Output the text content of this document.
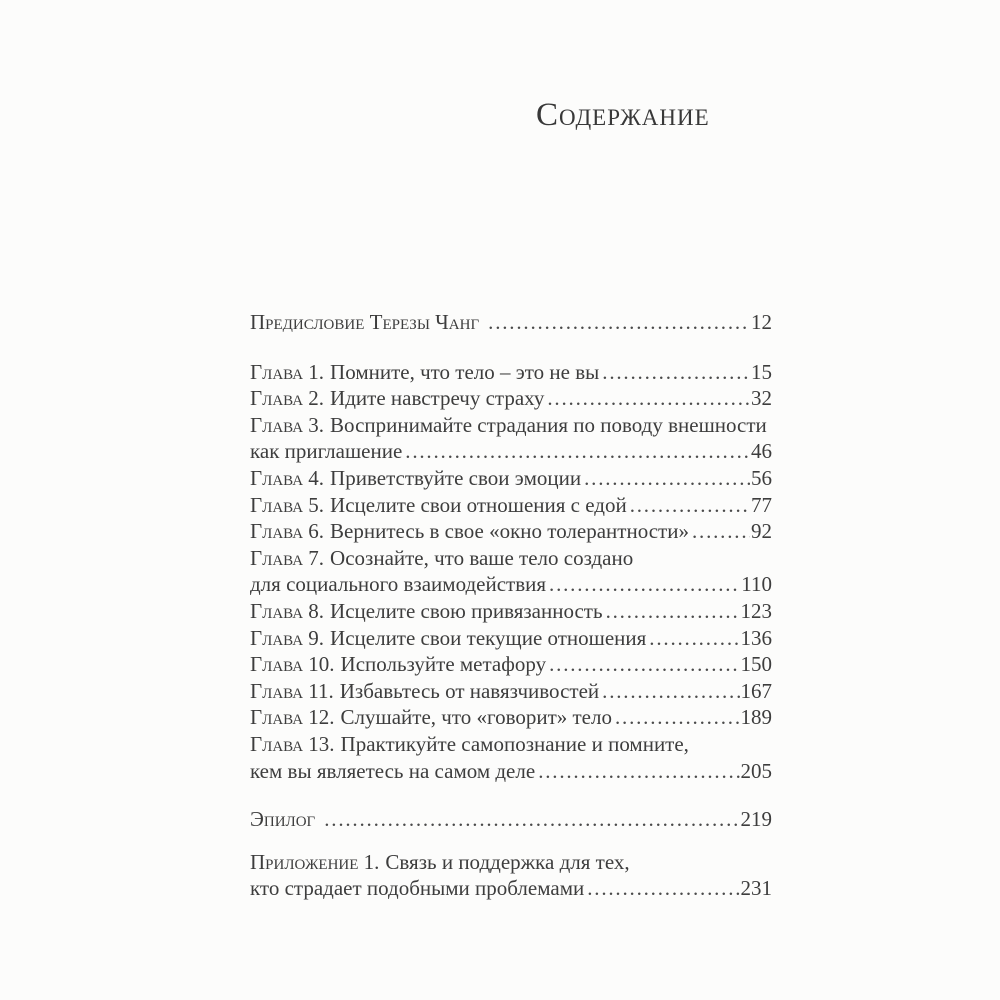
Содержание
Предисловие Терезы Чанг .....	12
Глава 1. Помните, что тело – это не вы .....	15
Глава 2. Идите навстречу страху .....	32
Глава 3. Воспринимайте страдания по поводу внешности
как приглашение .....	46
Глава 4. Приветствуйте свои эмоции .....	56
Глава 5. Исцелите свои отношения с едой .....	77
Глава 6. Вернитесь в свое «окно толерантности» .....	92
Глава 7. Осознайте, что ваше тело создано
для социального взаимодействия .....	110
Глава 8. Исцелите свою привязанность .....	123
Глава 9. Исцелите свои текущие отношения .....	136
Глава 10. Используйте метафору .....	150
Глава 11. Избавьтесь от навязчивостей .....	167
Глава 12. Слушайте, что «говорит» тело .....	189
Глава 13. Практикуйте самопознание и помните,
кем вы являетесь на самом деле .....	205
Эпилог .....	219
Приложение 1. Связь и поддержка для тех,
кто страдает подобными проблемами .....	231
